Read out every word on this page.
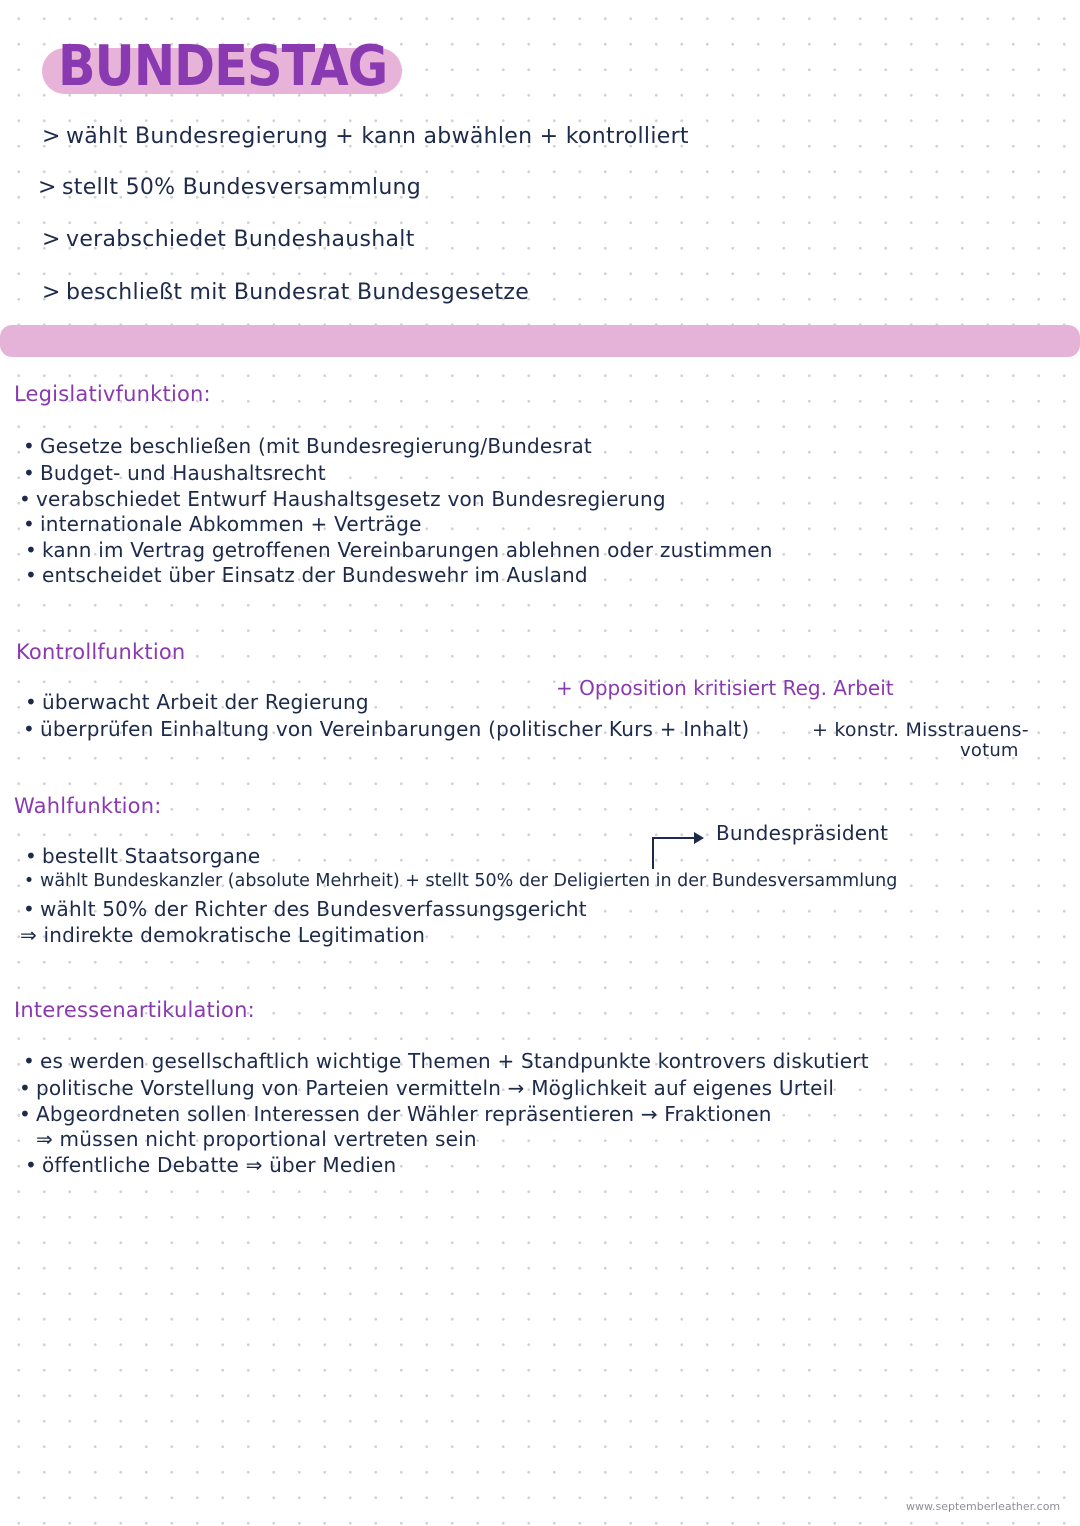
BUNDESTAG
> wählt Bundesregierung + kann abwählen + kontrolliert
> stellt 50% Bundesversammlung
> verabschiedet Bundeshaushalt
> beschließt mit Bundesrat Bundesgesetze
Legislativfunktion:
• Gesetze beschließen (mit Bundesregierung/Bundesrat
• Budget- und Haushaltsrecht
• verabschiedet Entwurf Haushaltsgesetz von Bundesregierung
• internationale Abkommen + Verträge
• kann im Vertrag getroffenen Vereinbarungen ablehnen oder zustimmen
• entscheidet über Einsatz der Bundeswehr im Ausland
Kontrollfunktion
+ Opposition kritisiert Reg. Arbeit
• überwacht Arbeit der Regierung
• überprüfen Einhaltung von Vereinbarungen (politischer Kurs + Inhalt)	+ konstr. Misstrauens-
votum
Wahlfunktion:
Bundespräsident
• bestellt Staatsorgane
• wählt Bundeskanzler (absolute Mehrheit) + stellt 50% der Deligierten in der Bundesversammlung
• wählt 50% der Richter des Bundesverfassungsgericht
⇒ indirekte demokratische Legitimation
Interessenartikulation:
• es werden gesellschaftlich wichtige Themen + Standpunkte kontrovers diskutiert
• politische Vorstellung von Parteien vermitteln → Möglichkeit auf eigenes Urteil
• Abgeordneten sollen Interessen der Wähler repräsentieren → Fraktionen
⇒ müssen nicht proportional vertreten sein
• öffentliche Debatte ⇒ über Medien
www.septemberleather.com
